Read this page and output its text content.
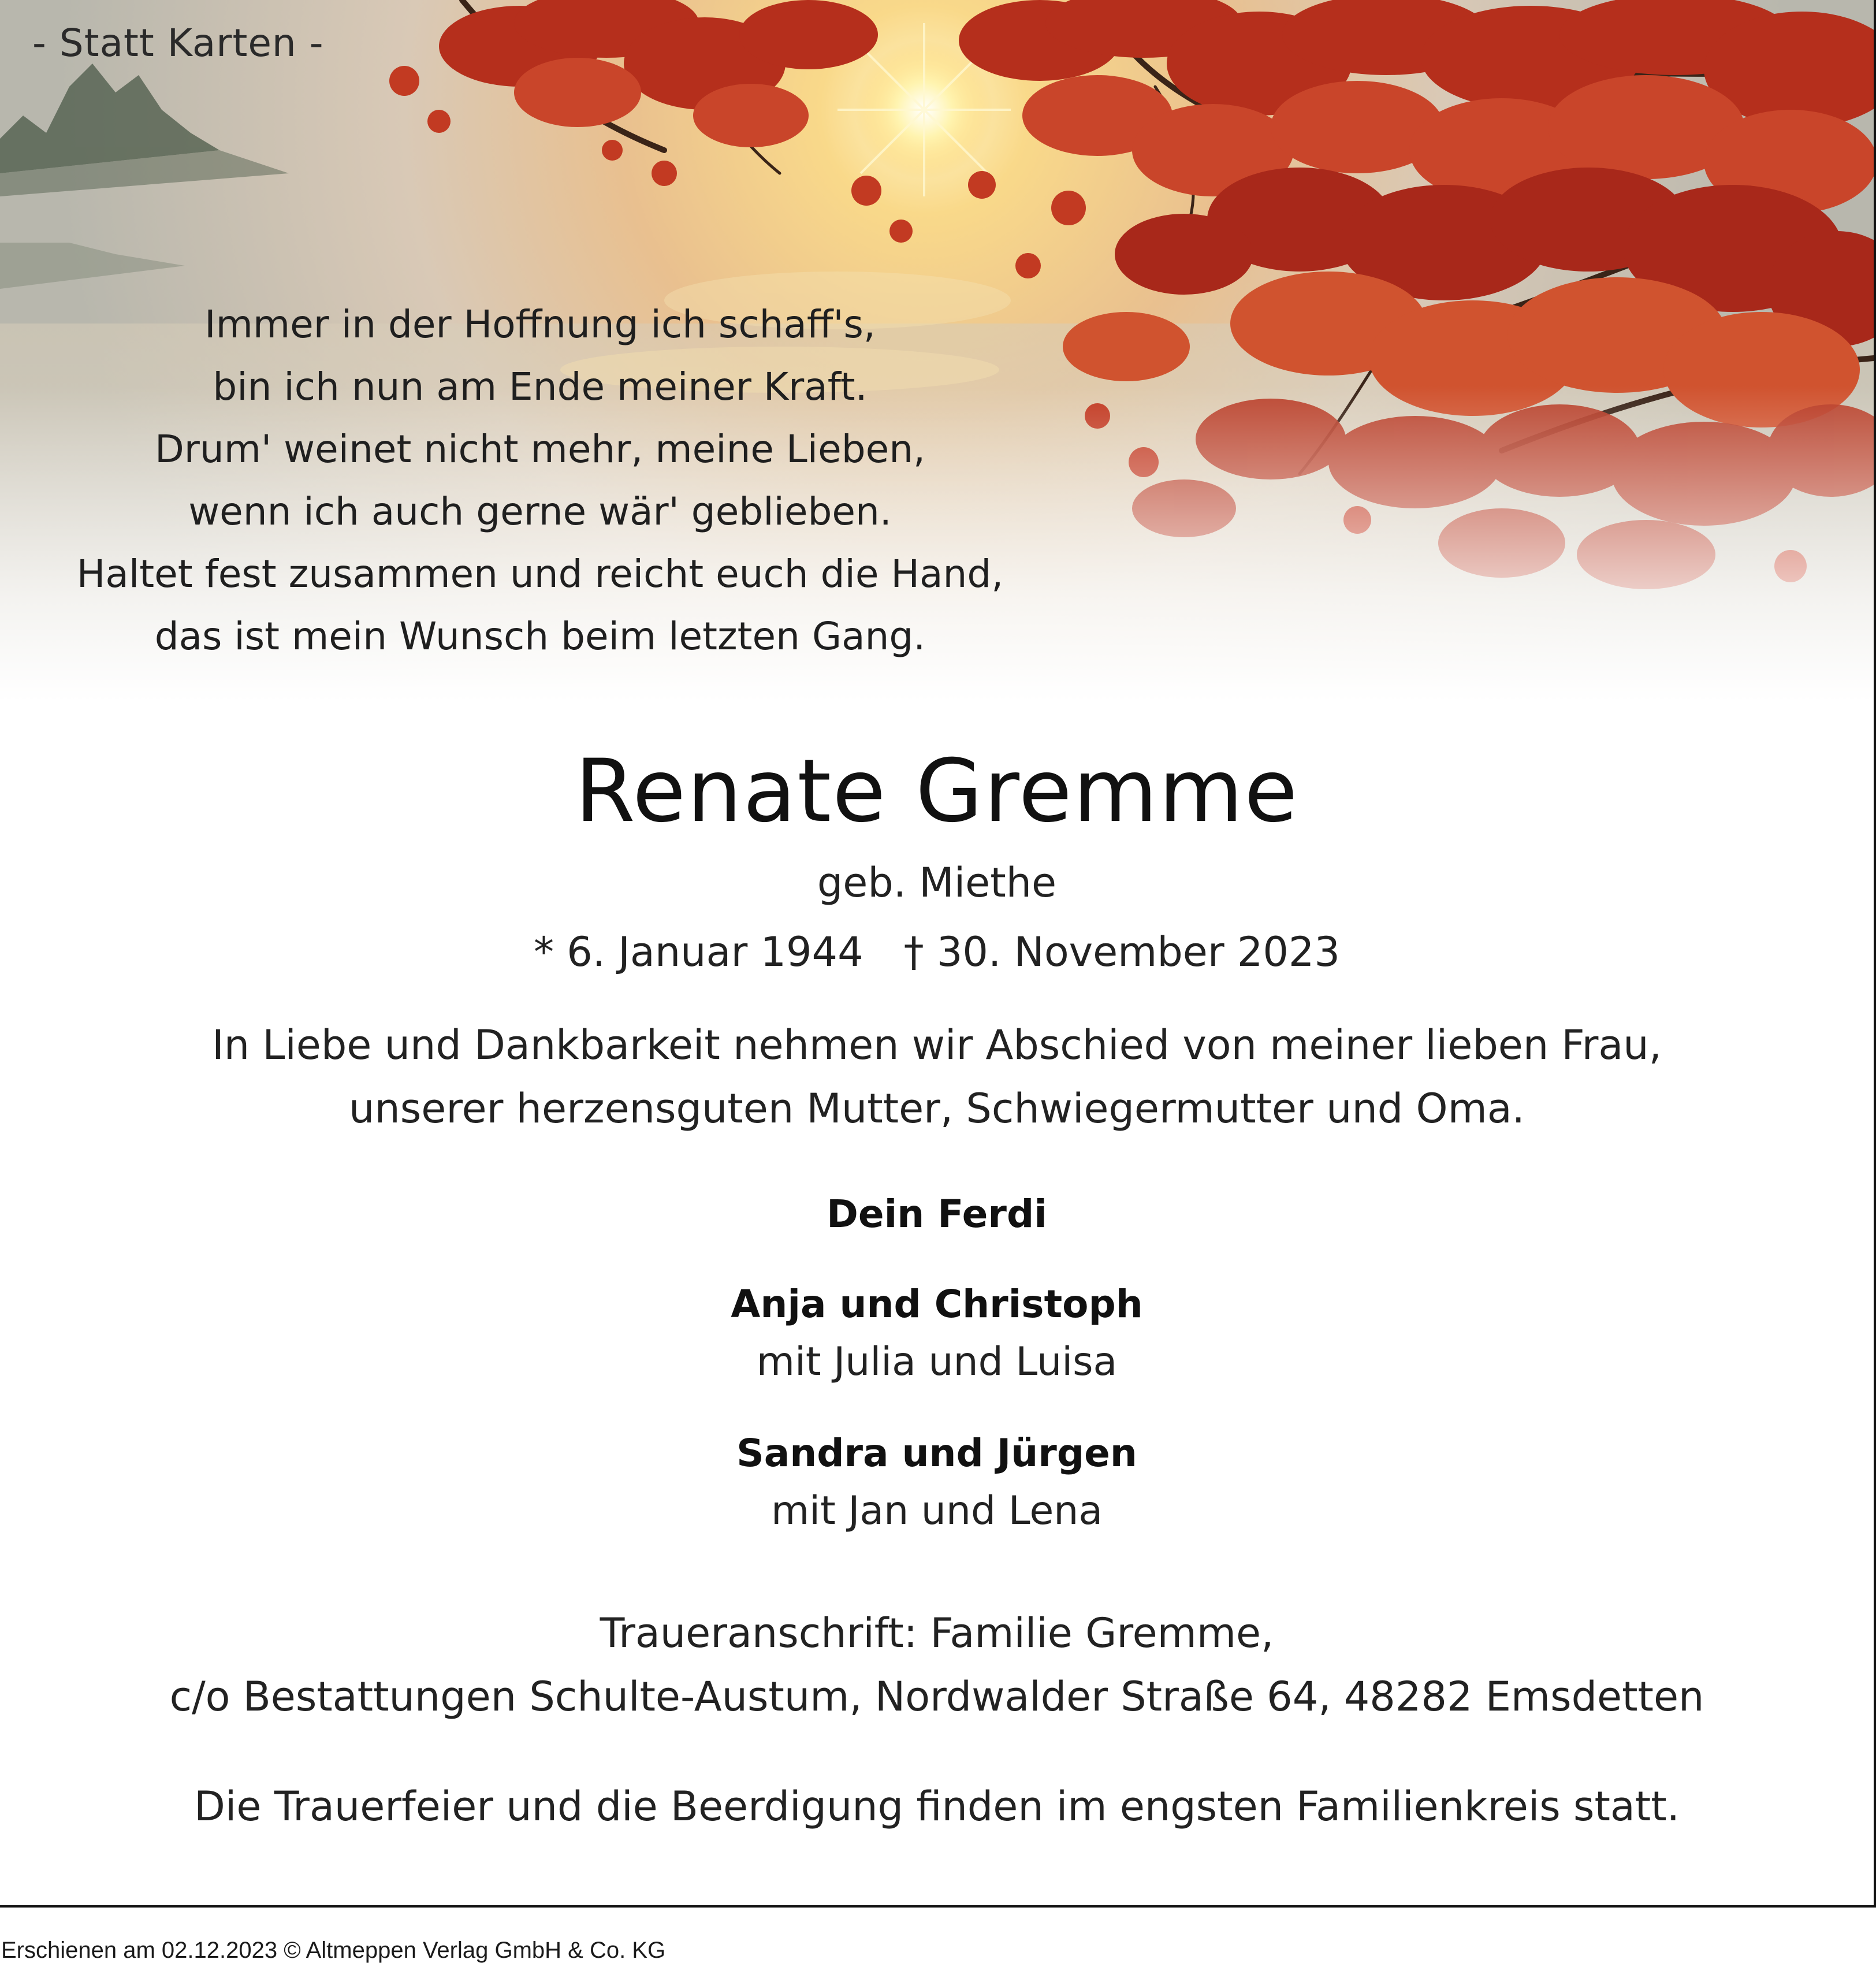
- Statt Karten -
Immer in der Hoffnung ich schaff's,
bin ich nun am Ende meiner Kraft.
Drum' weinet nicht mehr, meine Lieben,
wenn ich auch gerne wär' geblieben.
Haltet fest zusammen und reicht euch die Hand,
das ist mein Wunsch beim letzten Gang.
Renate Gremme
geb. Miethe
* 6. Januar 1944 † 30. November 2023
In Liebe und Dankbarkeit nehmen wir Abschied von meiner lieben Frau,
unserer herzensguten Mutter, Schwiegermutter und Oma.
Dein Ferdi
Anja und Christoph
mit Julia und Luisa
Sandra und Jürgen
mit Jan und Lena
Traueranschrift: Familie Gremme,
c/o Bestattungen Schulte-Austum, Nordwalder Straße 64, 48282 Emsdetten
Die Trauerfeier und die Beerdigung finden im engsten Familienkreis statt.
Erschienen am 02.12.2023 © Altmeppen Verlag GmbH & Co. KG
